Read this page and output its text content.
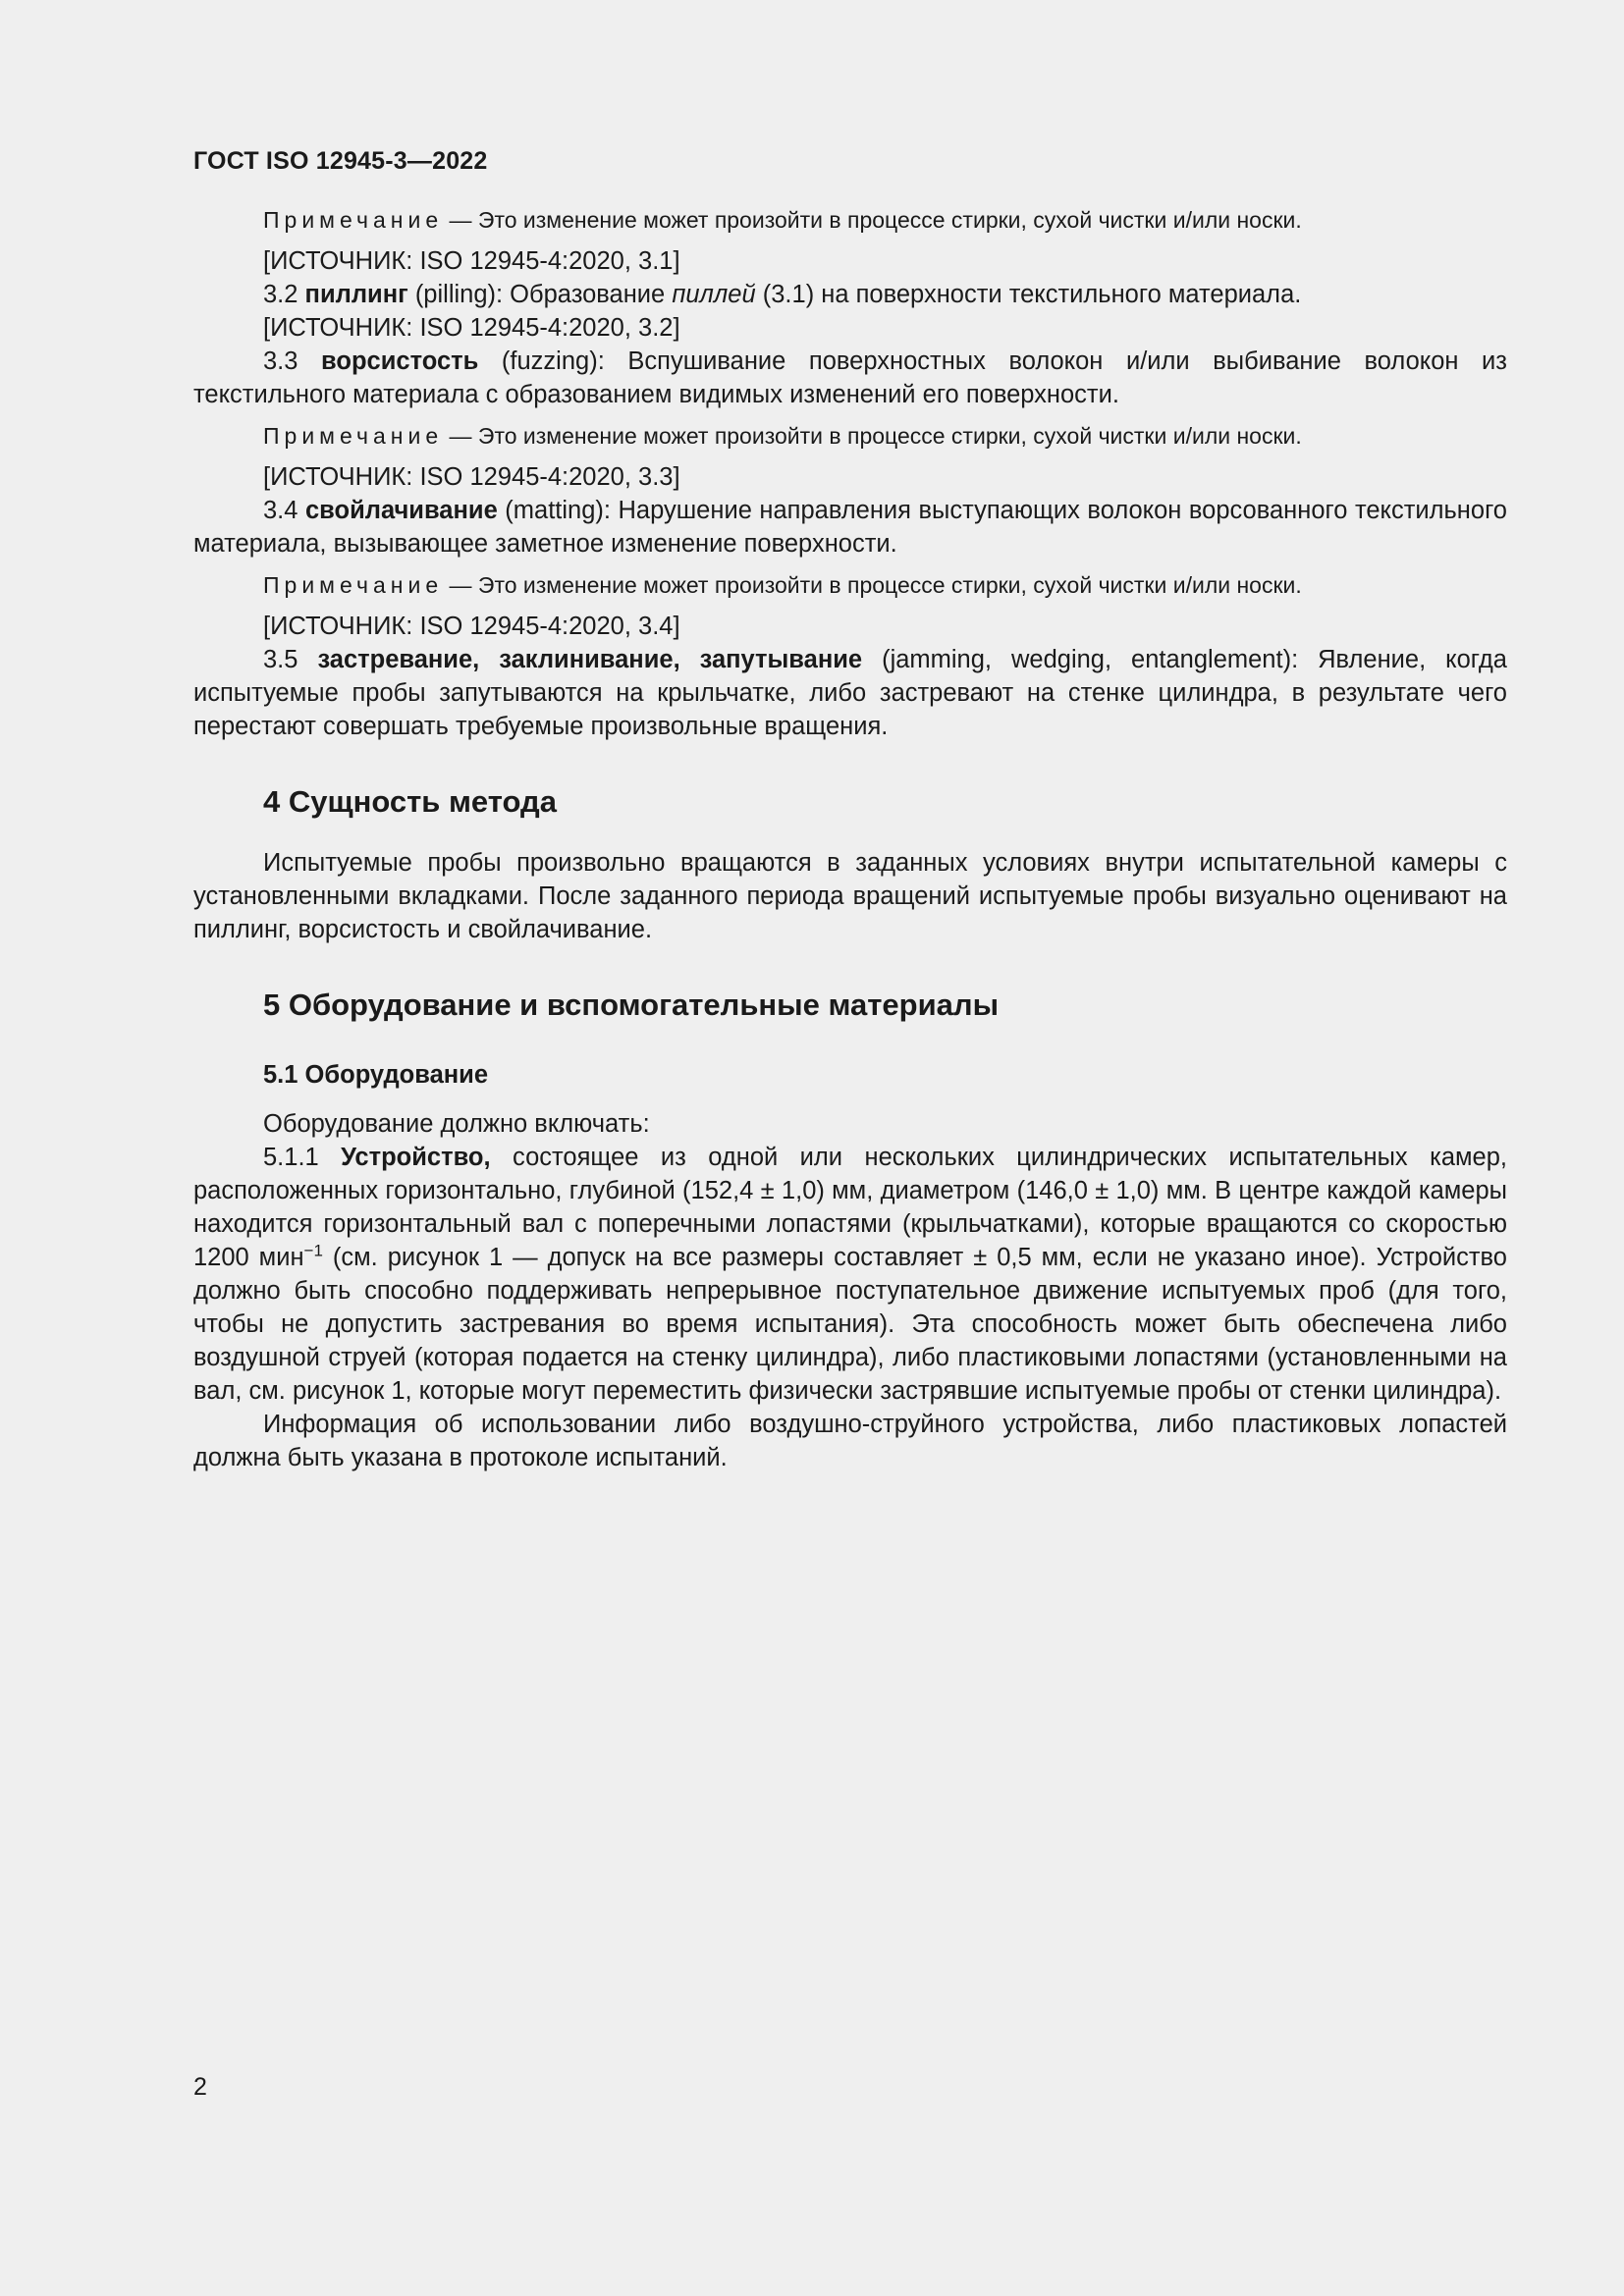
ГОСТ ISO 12945-3—2022

Примечание — Это изменение может произойти в процессе стирки, сухой чистки и/или носки.

[ИСТОЧНИК: ISO 12945-4:2020, 3.1]

3.2 пиллинг (pilling): Образование пиллей (3.1) на поверхности текстильного материала.

[ИСТОЧНИК: ISO 12945-4:2020, 3.2]

3.3 ворсистость (fuzzing): Вспушивание поверхностных волокон и/или выбивание волокон из текстильного материала с образованием видимых изменений его поверхности.

Примечание — Это изменение может произойти в процессе стирки, сухой чистки и/или носки.

[ИСТОЧНИК: ISO 12945-4:2020, 3.3]

3.4 свойлачивание (matting): Нарушение направления выступающих волокон ворсованного текстильного материала, вызывающее заметное изменение поверхности.

Примечание — Это изменение может произойти в процессе стирки, сухой чистки и/или носки.

[ИСТОЧНИК: ISO 12945-4:2020, 3.4]

3.5 застревание, заклинивание, запутывание (jamming, wedging, entanglement): Явление, когда испытуемые пробы запутываются на крыльчатке, либо застревают на стенке цилиндра, в результате чего перестают совершать требуемые произвольные вращения.

4 Сущность метода

Испытуемые пробы произвольно вращаются в заданных условиях внутри испытательной камеры с установленными вкладками. После заданного периода вращений испытуемые пробы визуально оценивают на пиллинг, ворсистость и свойлачивание.

5 Оборудование и вспомогательные материалы
5.1 Оборудование

Оборудование должно включать:

5.1.1 Устройство, состоящее из одной или нескольких цилиндрических испытательных камер, расположенных горизонтально, глубиной (152,4 ± 1,0) мм, диаметром (146,0 ± 1,0) мм. В центре каждой камеры находится горизонтальный вал с поперечными лопастями (крыльчатками), которые вращаются со скоростью 1200 мин$^{-1}$ (см. рисунок 1 — допуск на все размеры составляет ± 0,5 мм, если не указано иное). Устройство должно быть способно поддерживать непрерывное поступательное движение испытуемых проб (для того, чтобы не допустить застревания во время испытания). Эта способность может быть обеспечена либо воздушной струей (которая подается на стенку цилиндра), либо пластиковыми лопастями (установленными на вал, см. рисунок 1, которые могут переместить физически застрявшие испытуемые пробы от стенки цилиндра).

Информация об использовании либо воздушно-струйного устройства, либо пластиковых лопастей должна быть указана в протоколе испытаний.

2
